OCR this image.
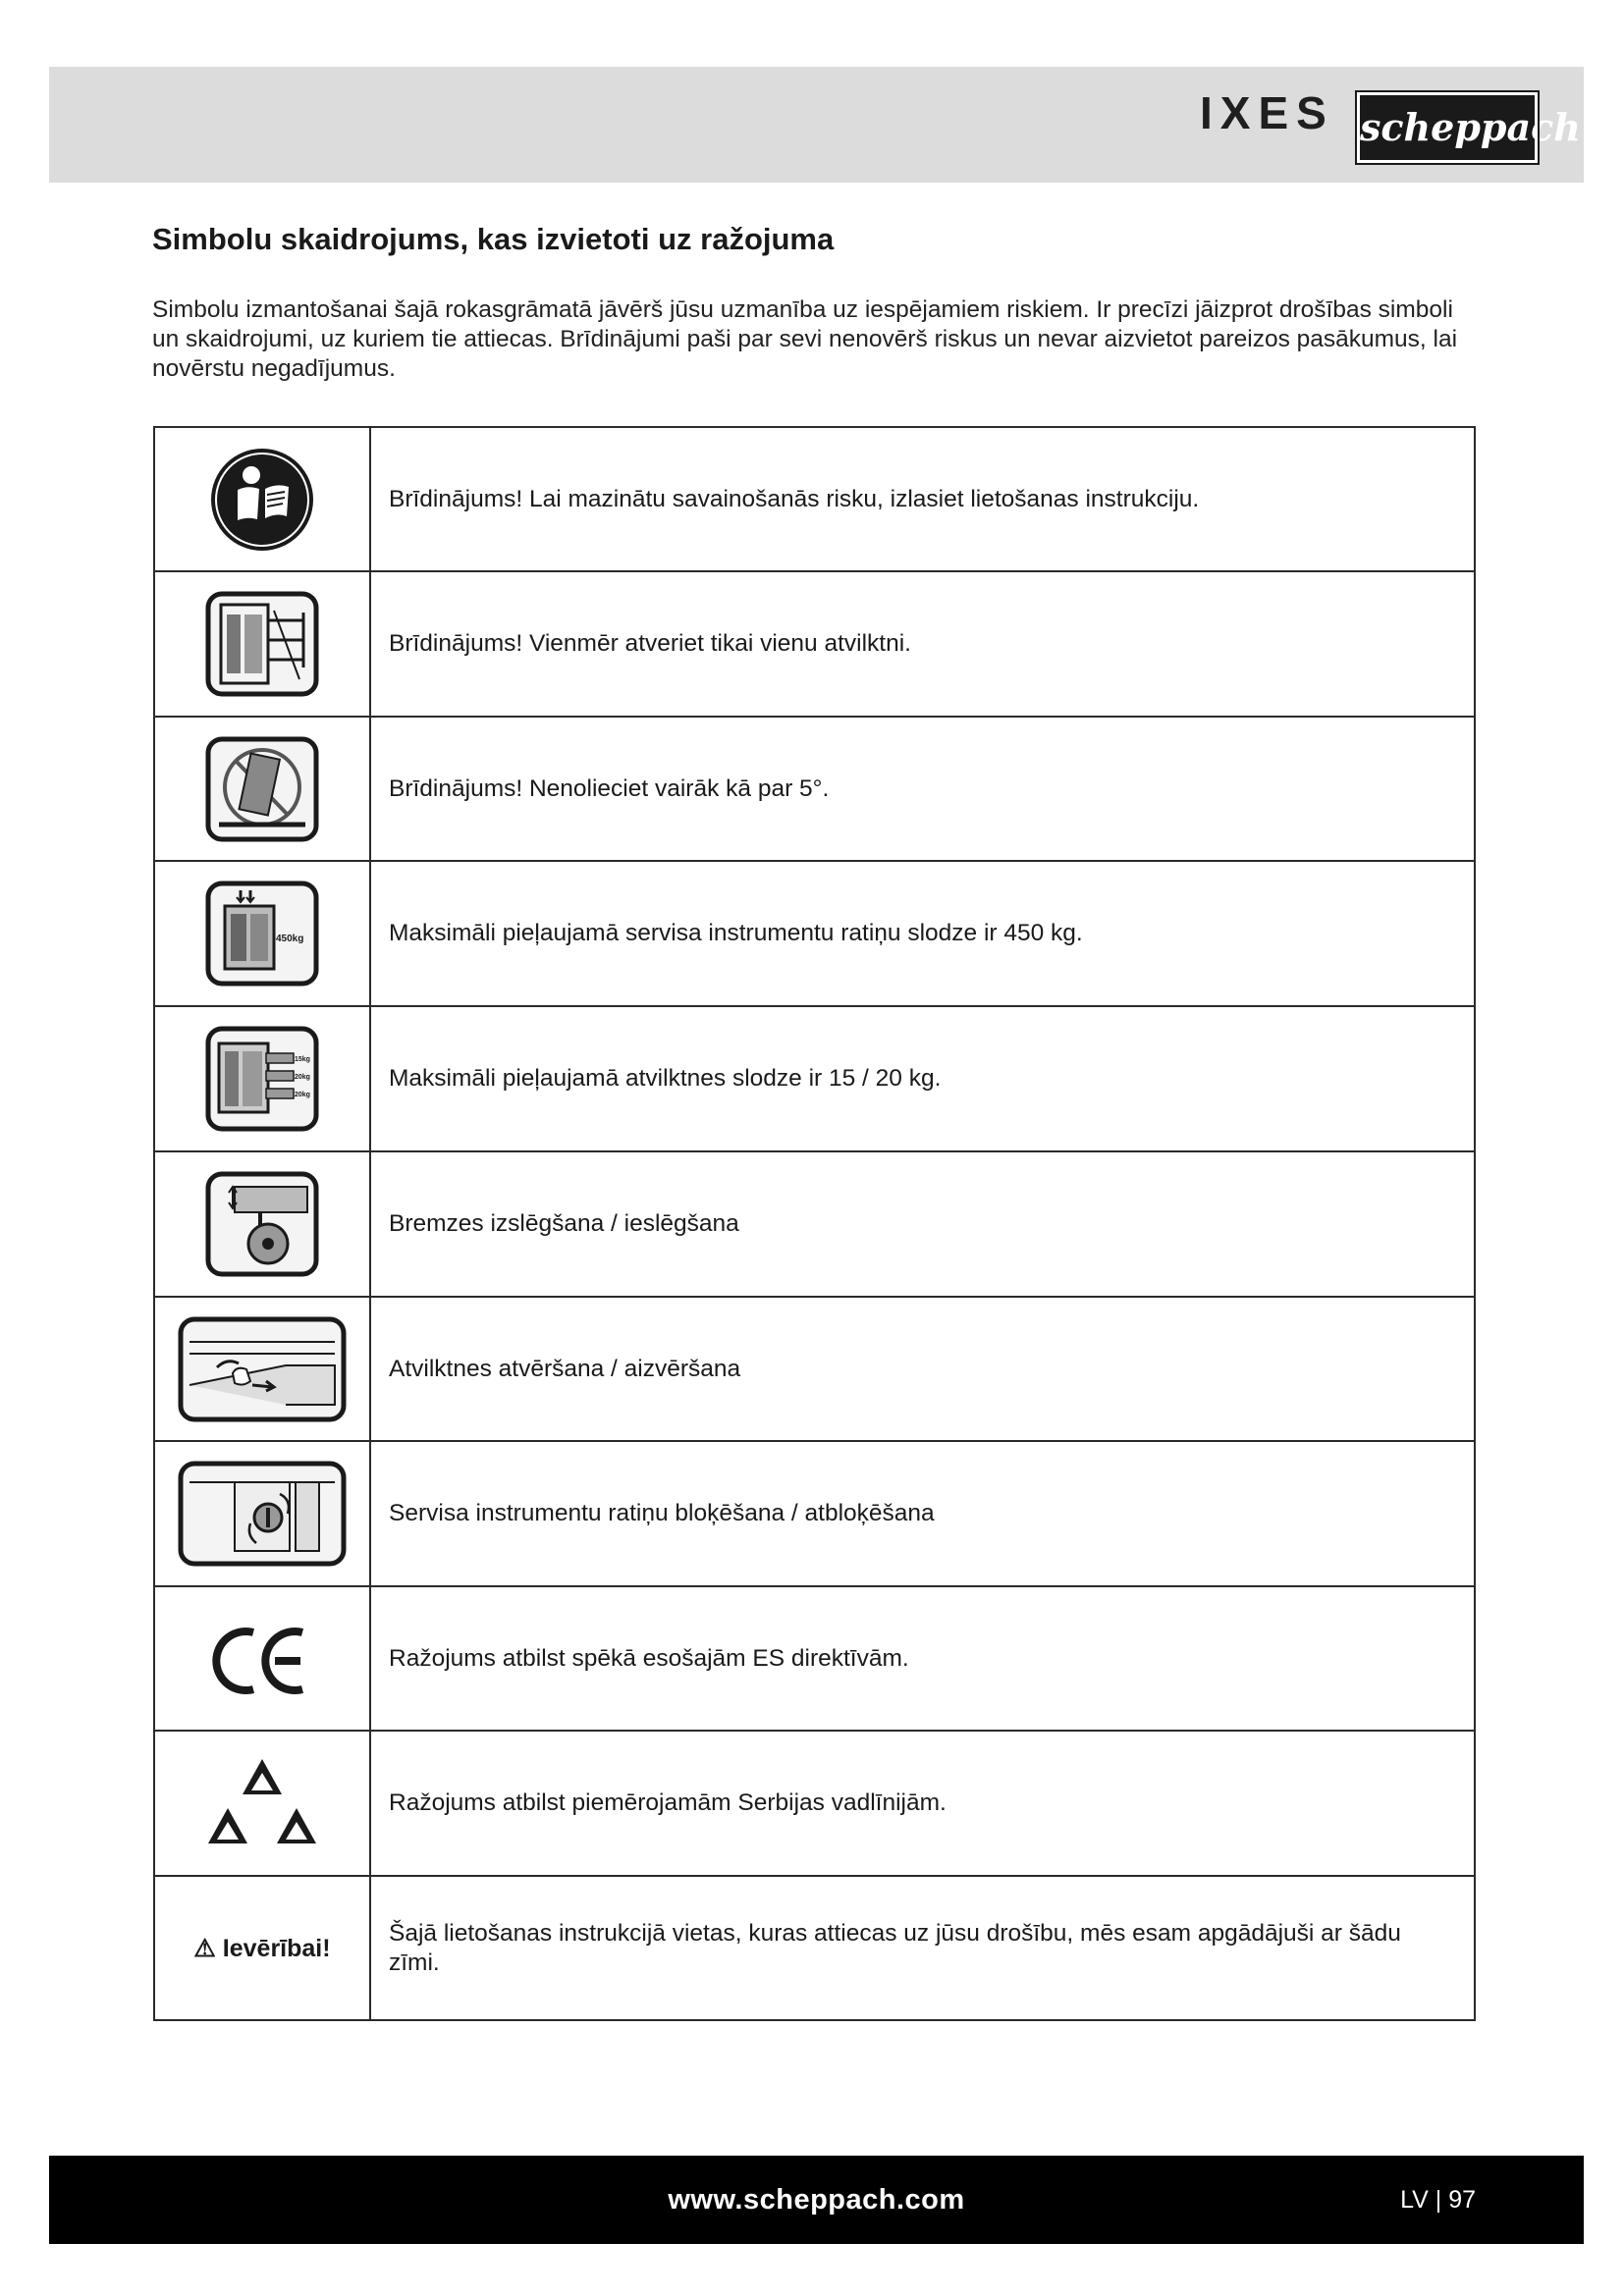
IXES scheppach
Simbolu skaidrojums, kas izvietoti uz ražojuma
Simbolu izmantošanai šajā rokasgrāmatā jāvērš jūsu uzmanība uz iespējamiem riskiem. Ir precīzi jāizprot drošības simboli un skaidrojumi, uz kuriem tie attiecas. Brīdinājumi paši par sevi nenovērš riskus un nevar aizvietot pareizos pasākumus, lai novērstu negadījumus.
	Brīdinājums! Lai mazinātu savainošanās risku, izlasiet lietošanas instrukciju.

	Brīdinājums! Vienmēr atveriet tikai vienu atvilktni.

	Brīdinājums! Nenolieciet vairāk kā par 5°.

450kg	Maksimāli pieļaujamā servisa instrumentu ratiņu slodze ir 450 kg.

15kg
20kg
20kg	Maksimāli pieļaujamā atvilktnes slodze ir 15 / 20 kg.

	Bremzes izslēgšana / ieslēgšana

	Atvilktnes atvēršana / aizvēršana

	Servisa instrumentu ratiņu bloķēšana / atbloķēšana

	Ražojums atbilst spēkā esošajām ES direktīvām.

	Ražojums atbilst piemērojamām Serbijas vadlīnijām.
⚠ Ievērībai!	Šajā lietošanas instrukcijā vietas, kuras attiecas uz jūsu drošību, mēs esam apgādājuši ar šādu zīmi.
www.scheppach.com	LV | 97
